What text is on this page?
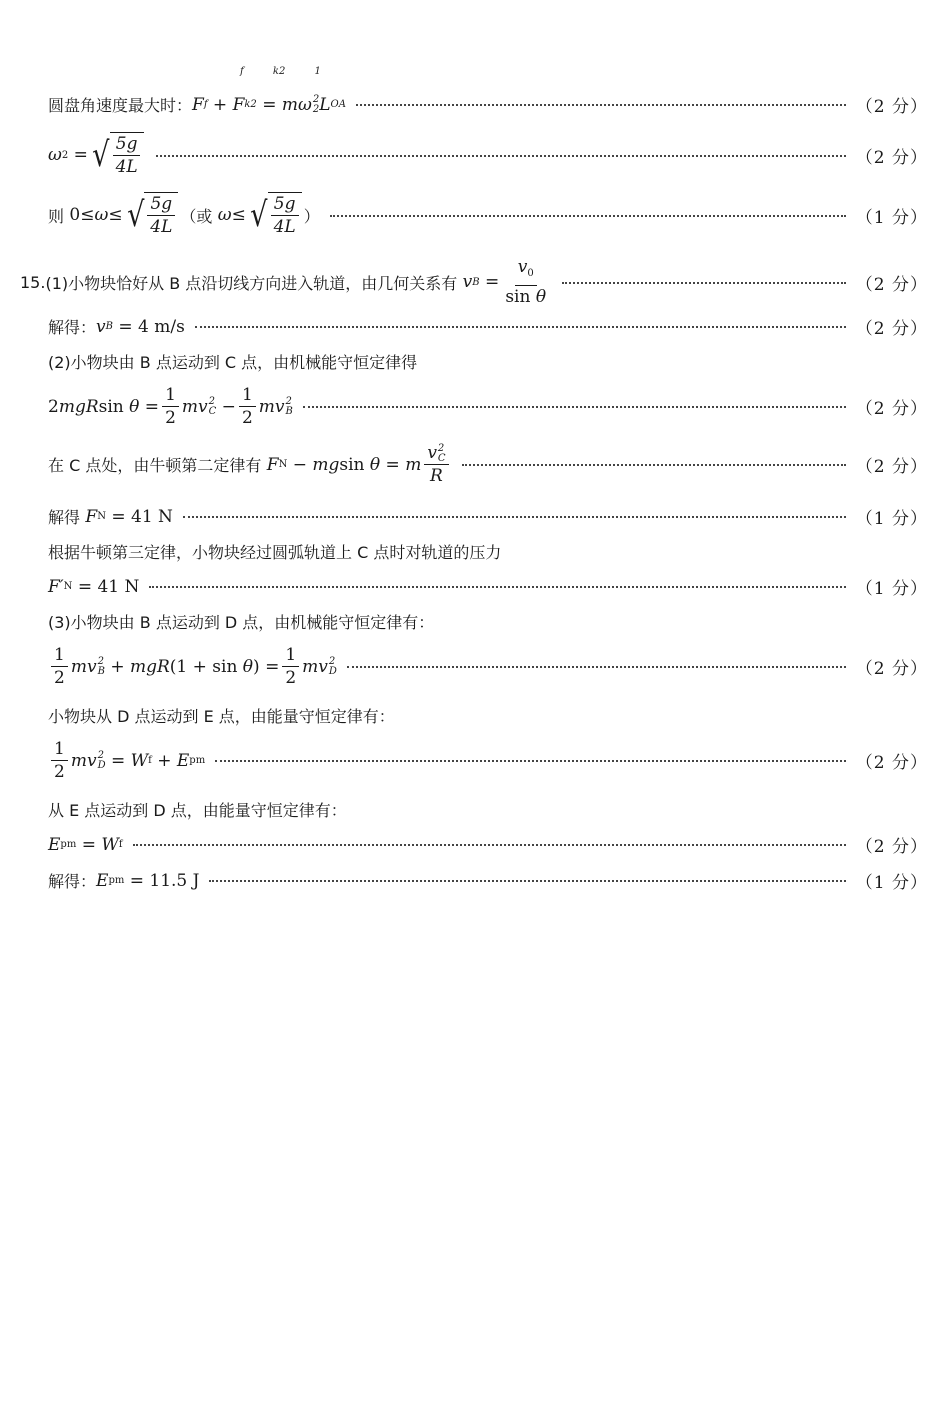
f k2 1
圆盘角速度最大时： F f + F k2 = mω 2
2 L OA	（2 分）
ω 2 = √ $\frac{5g}{4L}$	（2 分）
则
0 ≤ω≤ √ $\frac{5g}{4L}$ （或 ω≤ √ $\frac{5g}{4L}$ ）	（1 分）
15. (1)小物块恰好从 B 点沿切线方向进入轨道，由几何关系有 v $B = \frac{v_0}{\text{sin θ}}$	（2 分）
解得： v B
= 4 m/s	（2 分）
(2)小物块由 B 点运动到 C 点，由机械能守恒定律得
2 mgR $\sin \theta = \frac{1}{2}$ mv 2
$C - \frac{1}{2}$ mv 2
B	（2 分）
在 C 点处，由牛顿第二定律有 F N − mg sin θ = m v 2
C
R	（2 分）
解得 F N
= 41 N	（1 分）
根据牛顿第三定律，小物块经过圆弧轨道上 C 点时对轨道的压力
F′ N
= 41 N	（1 分）
(3)小物块由 B 点运动到 D 点，由机械能守恒定律有：
$\frac{1}{2}$ mv 2
B + mgR (1 + sin θ ) = $\frac{1}{2}$ mv 2
D	（2 分）
小物块从 D 点运动到 E 点，由能量守恒定律有：
$\frac{1}{2}$ mv 2
D = W f + E pm	（2 分）
从 E 点运动到 D 点，由能量守恒定律有：
E pm = W f	（2 分）
解得： E pm
= 11.5 J	（1 分）
